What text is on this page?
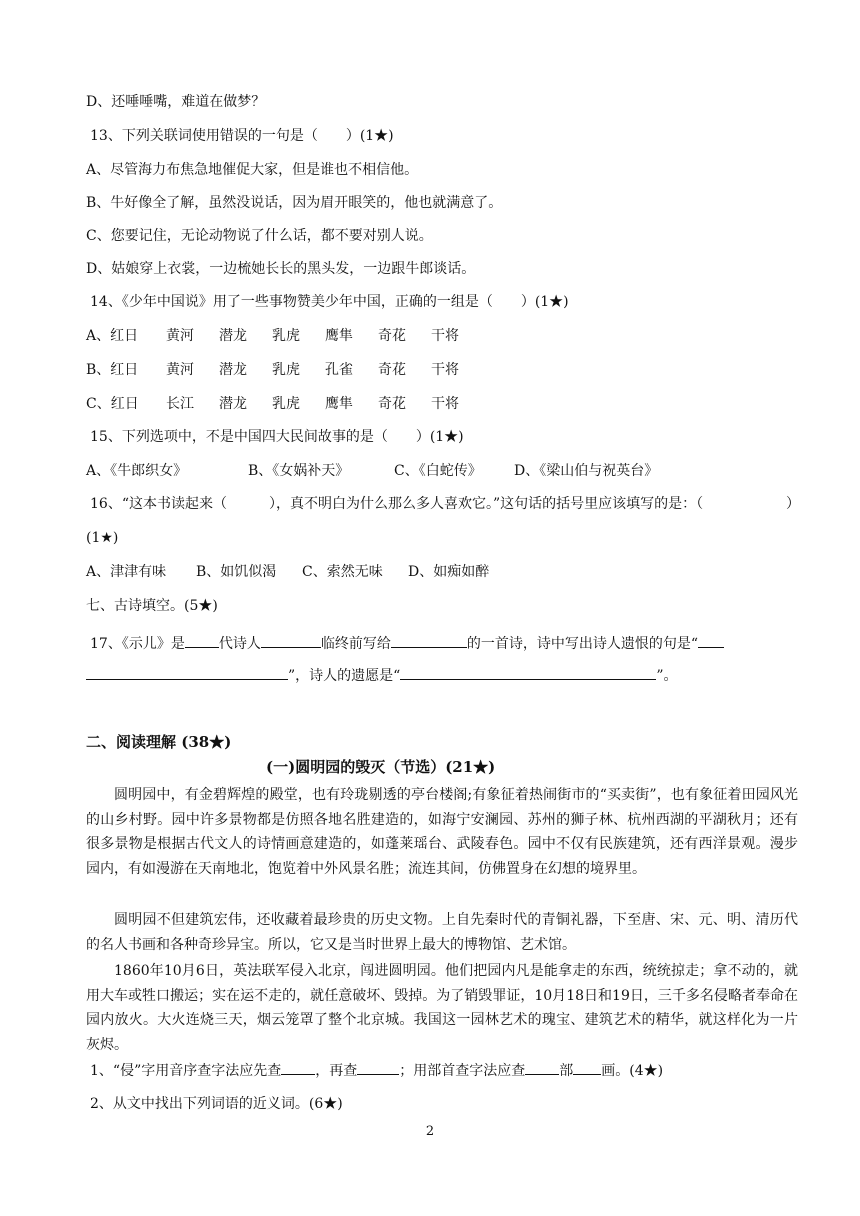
D、还唾唾嘴，难道在做梦？
13、下列关联词使用错误的一句是（　　）(1★)
A、尽管海力布焦急地催促大家，但是谁也不相信他。
B、牛好像全了解，虽然没说话，因为眉开眼笑的，他也就满意了。
C、您要记住，无论动物说了什么话，都不要对别人说。
D、姑娘穿上衣裳，一边梳她长长的黑头发，一边跟牛郎谈话。
14、《少年中国说》用了一些事物赞美少年中国，正确的一组是（　　）(1★)
A、红日 黄河 潜龙 乳虎 鹰隼 奇花 干将
B、红日 黄河 潜龙 乳虎 孔雀 奇花 干将
C、红日 长江 潜龙 乳虎 鹰隼 奇花 干将
15、下列选项中，不是中国四大民间故事的是（　　）(1★)
A、《牛郎织女》	B、《女娲补天》	C、《白蛇传》 D、《梁山伯与祝英台》
16、“这本书读起来（　　　），真不明白为什么那么多人喜欢它。”这句话的括号里应该填写的是：（	）
(1★)
A、津津有味 B、如饥似渴 C、索然无味 D、如痴如醉
七、古诗填空。(5★)
17、《示儿》是 代诗人	临终前写给	的一首诗，诗中写出诗人遗恨的句是“
”，诗人的遗愿是“	”。
二、阅读理解 (38★)
(一)圆明园的毁灭（节选）(21★)
圆明园中，有金碧辉煌的殿堂，也有玲珑剔透的亭台楼阁;有象征着热闹街市的“买卖街”，也有象征着田园风光的山乡村野。园中许多景物都是仿照各地名胜建造的，如海宁安澜园、苏州的狮子林、杭州西湖的平湖秋月；还有很多景物是根据古代文人的诗情画意建造的，如蓬莱瑶台、武陵春色。园中不仅有民族建筑，还有西洋景观。漫步园内，有如漫游在天南地北，饱览着中外风景名胜；流连其间，仿佛置身在幻想的境界里。
圆明园不但建筑宏伟，还收藏着最珍贵的历史文物。上自先秦时代的青铜礼器，下至唐、宋、元、明、清历代的名人书画和各种奇珍异宝。所以，它又是当时世界上最大的博物馆、艺术馆。
1860年10月6日，英法联军侵入北京，闯进圆明园。他们把园内凡是能拿走的东西，统统掠走；拿不动的，就用大车或牲口搬运；实在运不走的，就任意破坏、毁掉。为了销毁罪证，10月18日和19日，三千多名侵略者奉命在园内放火。大火连烧三天，烟云笼罩了整个北京城。我国这一园林艺术的瑰宝、建筑艺术的精华，就这样化为一片灰烬。
1、“侵”字用音序查字法应先查 ，再查	；用部首查字法应查 部 画。(4★)
2、从文中找出下列词语的近义词。(6★)
2
